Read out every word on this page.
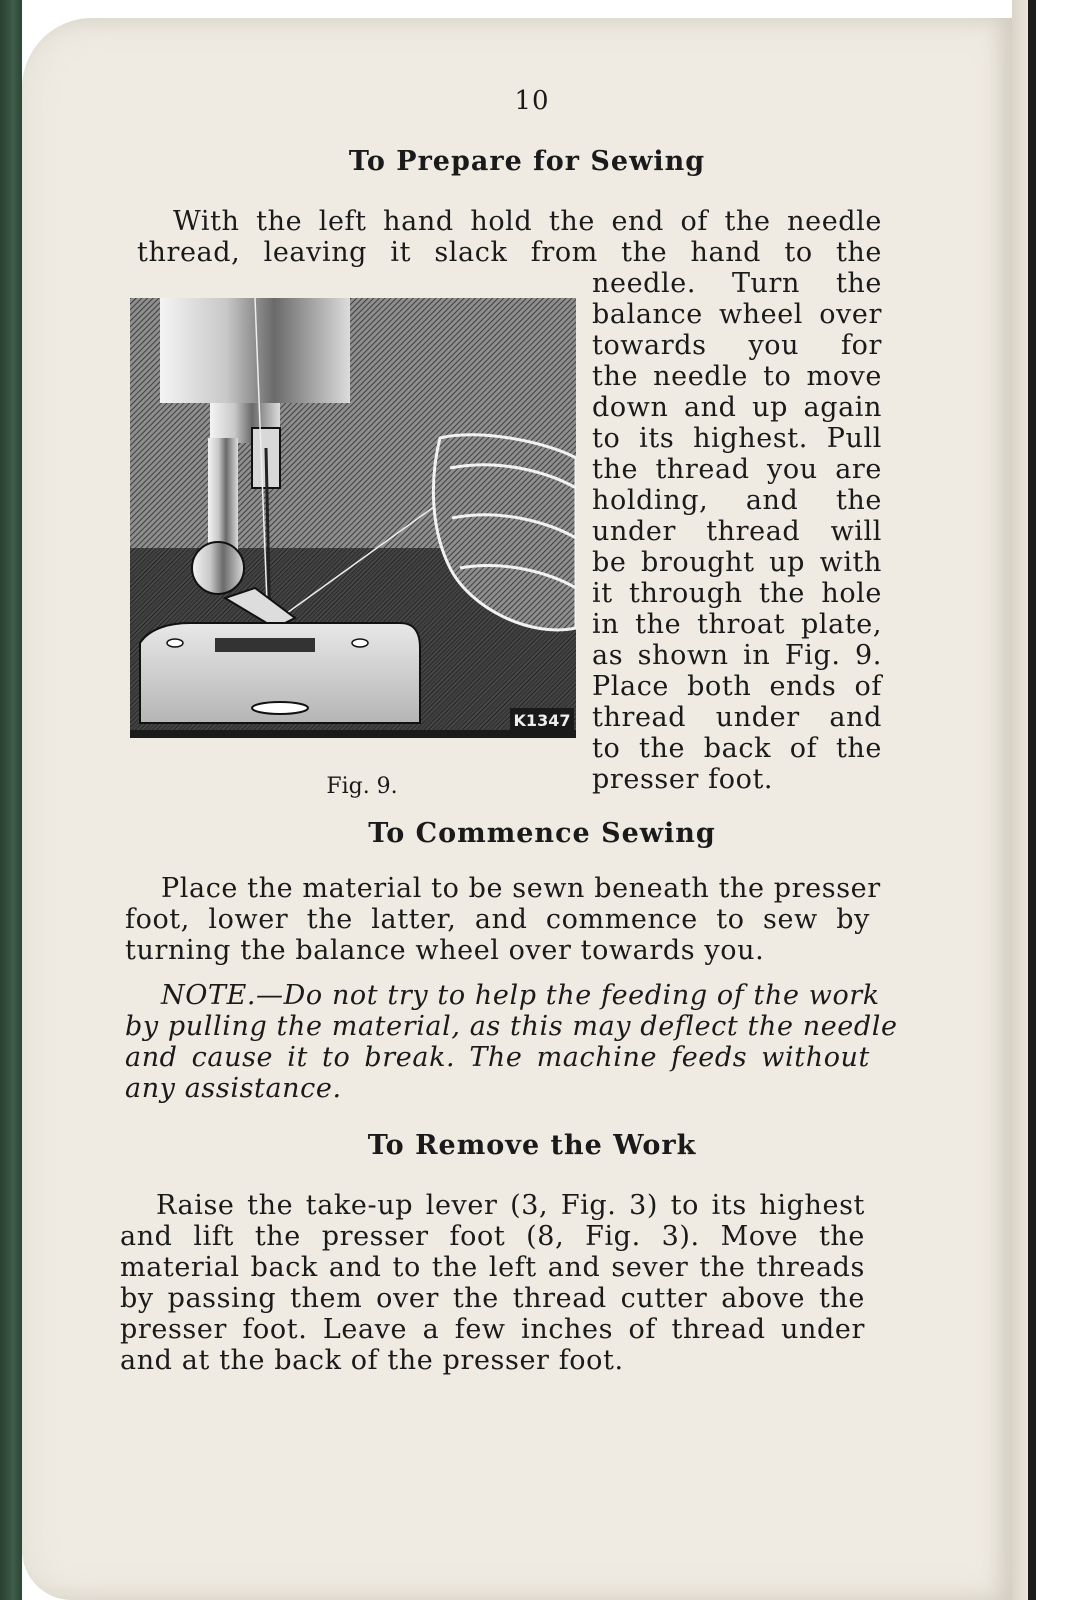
10

To Prepare for Sewing
With the left hand hold the end of the needle
thread, leaving it slack from the hand to the
needle. Turn the
balance wheel over
towards you for
the needle to move
down and up again
to its highest. Pull
the thread you are
holding, and the
under thread will
be brought up with
it through the hole
in the throat plate,
as shown in Fig. 9.
Place both ends of
thread under and
to the back of the
presser foot.
K1347

Fig. 9.

To Commence Sewing
Place the material to be sewn beneath the presser
foot, lower the latter, and commence to sew by
turning the balance wheel over towards you.
NOTE.—Do not try to help the feeding of the work
by pulling the material, as this may deflect the needle
and cause it to break. The machine feeds without
any assistance.
To Remove the Work
Raise the take-up lever (3, Fig. 3) to its highest
and lift the presser foot (8, Fig. 3). Move the
material back and to the left and sever the threads
by passing them over the thread cutter above the
presser foot. Leave a few inches of thread under
and at the back of the presser foot.
